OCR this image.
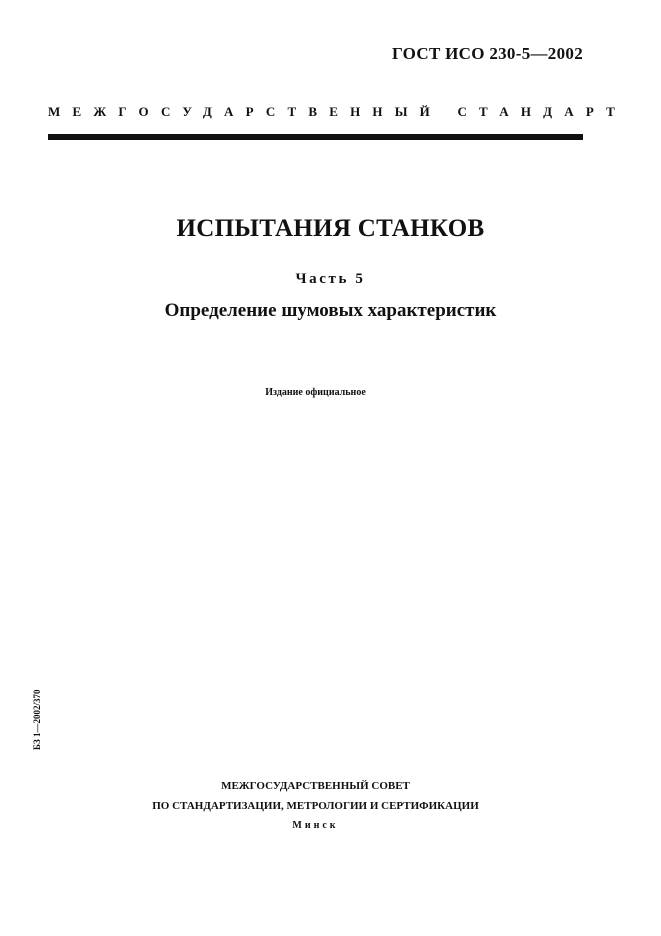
ГОСТ ИСО 230-5—2002
МЕЖГОСУДАРСТВЕННЫЙ СТАНДАРТ
ИСПЫТАНИЯ СТАНКОВ
Часть 5
Определение шумовых характеристик
Издание официальное
БЗ 1—2002/370
МЕЖГОСУДАРСТВЕННЫЙ СОВЕТ
ПО СТАНДАРТИЗАЦИИ, МЕТРОЛОГИИ И СЕРТИФИКАЦИИ
Минск
